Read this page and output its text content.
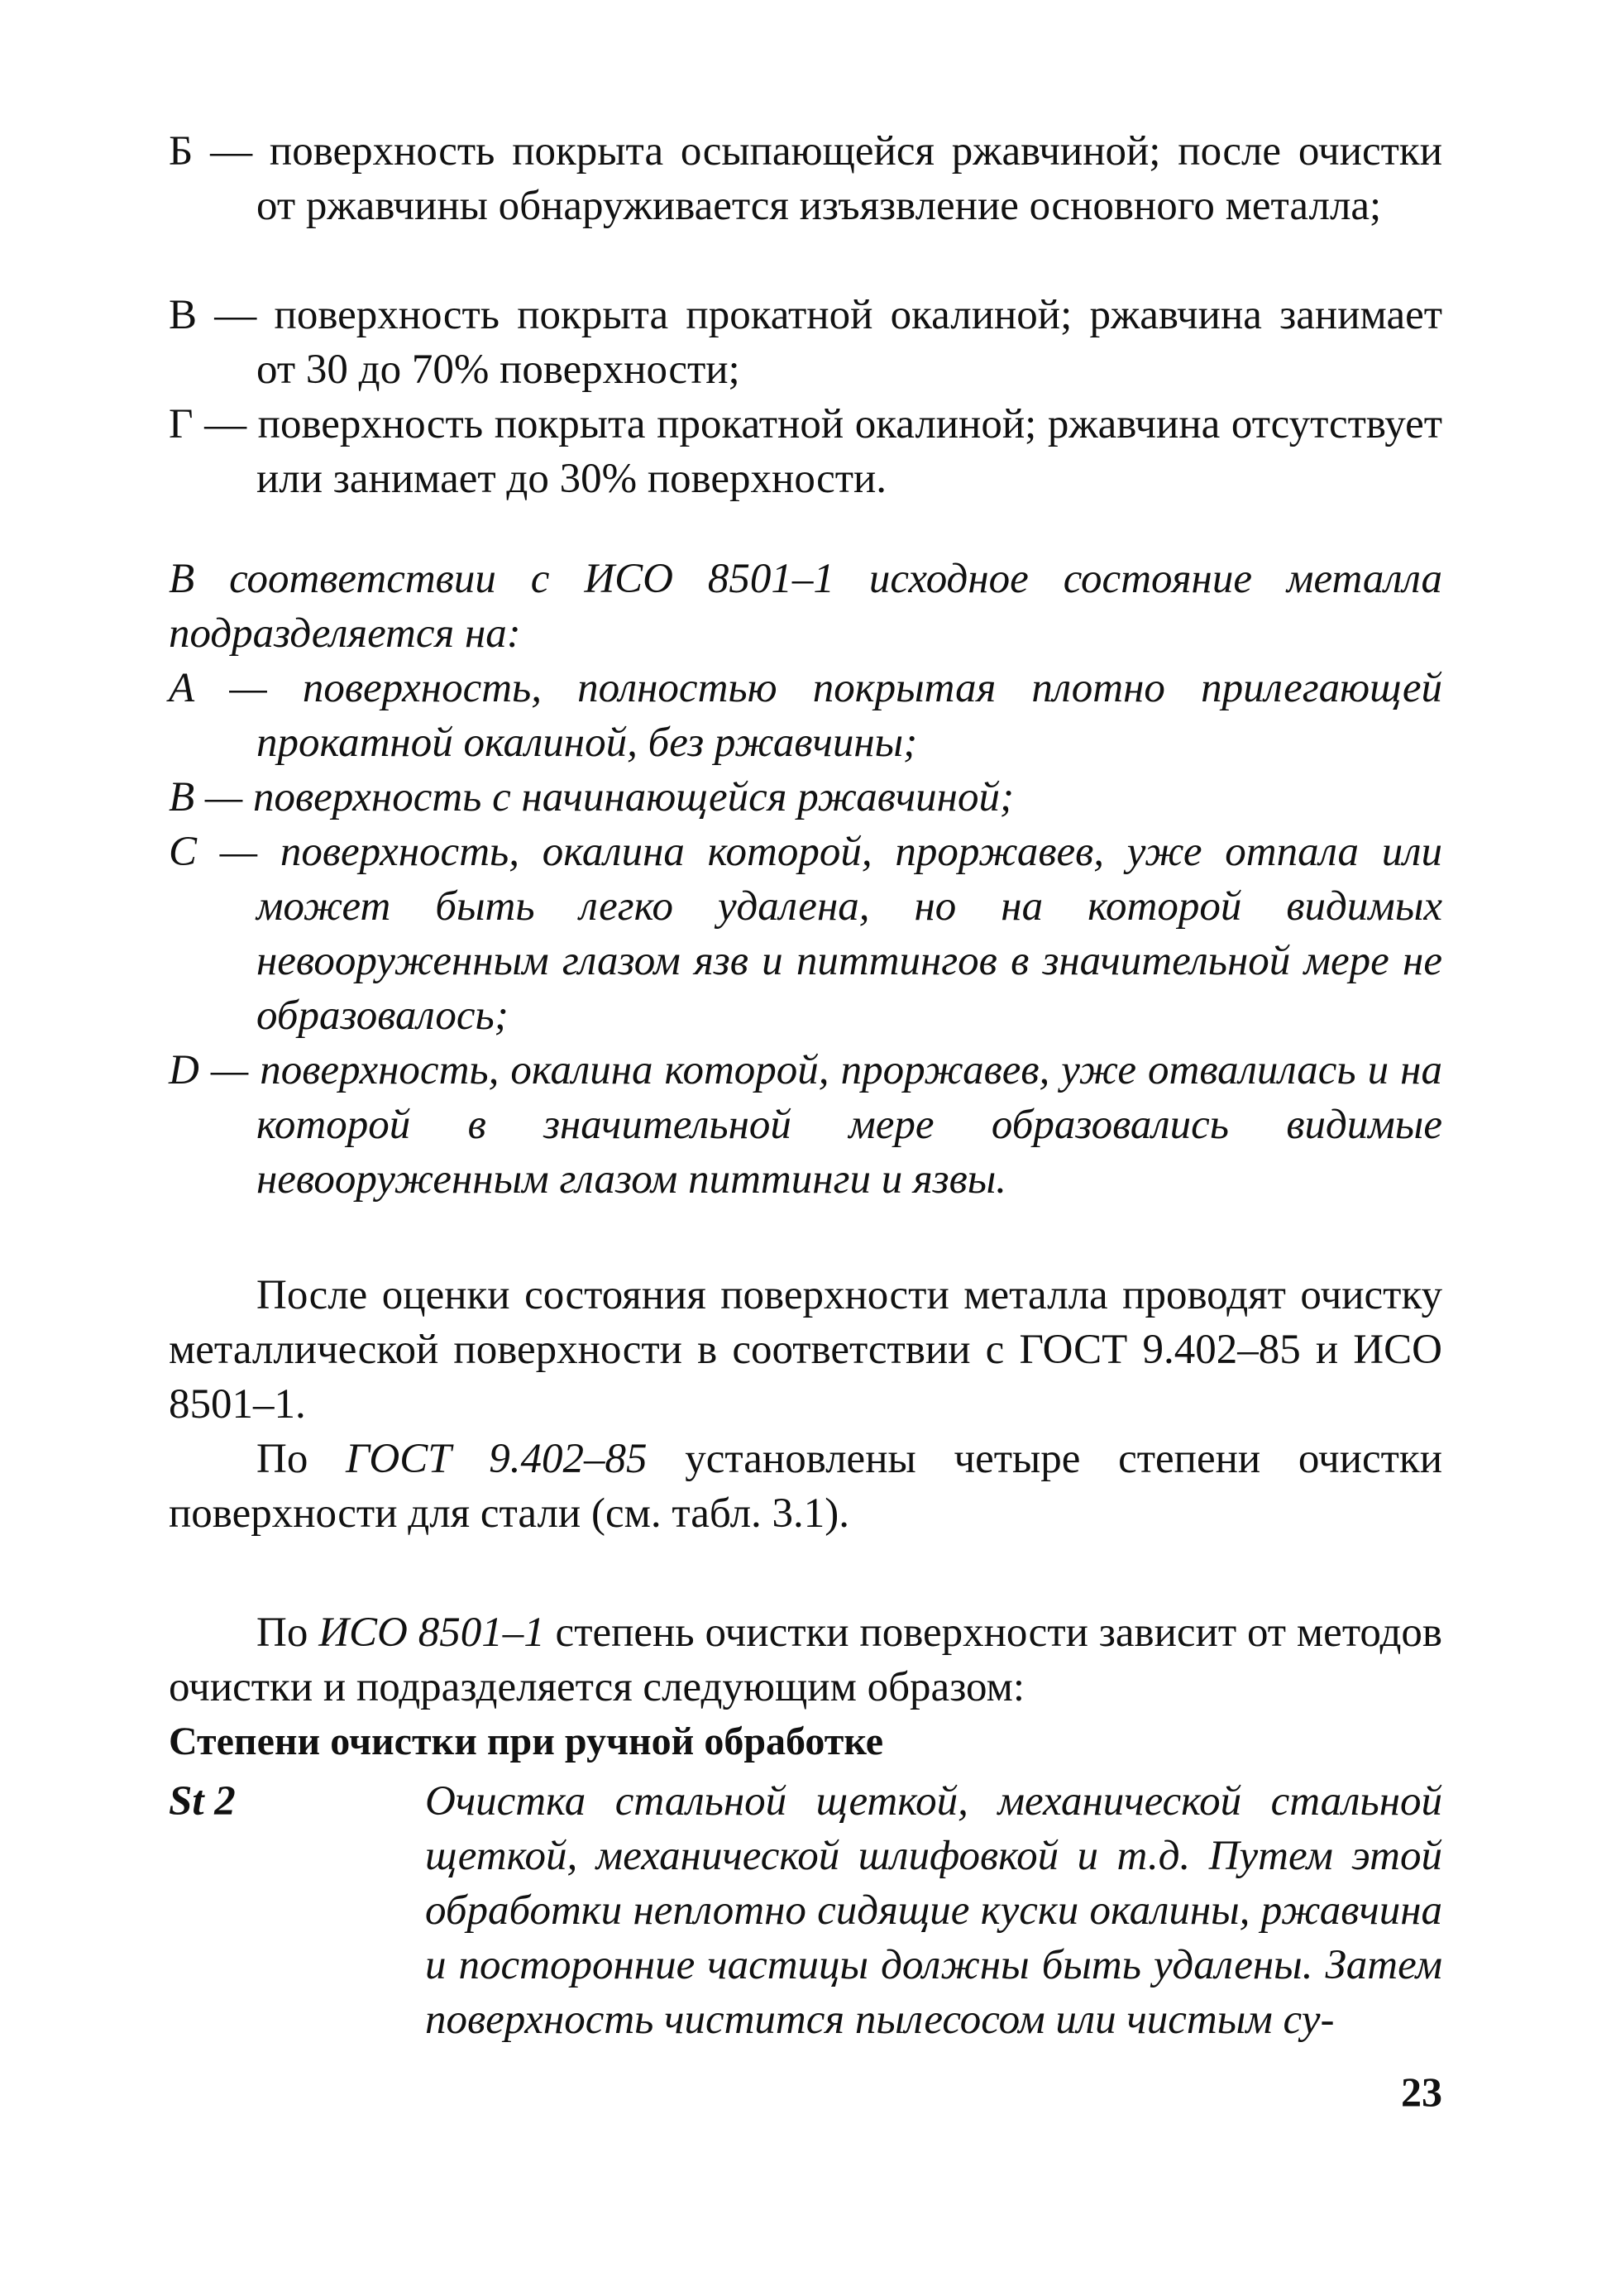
Б — поверхность покрыта осыпающейся ржавчиной; после очистки от ржавчины обнаруживается изъязвление основного металла;

В — поверхность покрыта прокатной окалиной; ржавчина занимает от 30 до 70% поверхности;

Г — поверхность покрыта прокатной окалиной; ржавчина отсутствует или занимает до 30% поверхности.

В соответствии с ИСО 8501–1 исходное состояние металла подразделяется на:

A — поверхность, полностью покрытая плотно прилегающей прокатной окалиной, без ржавчины;

B — поверхность с начинающейся ржавчиной;

C — поверхность, окалина которой, проржавев, уже отпала или может быть легко удалена, но на которой видимых невооруженным глазом язв и питтингов в значительной мере не образовалось;

D — поверхность, окалина которой, проржавев, уже отвалилась и на которой в значительной мере образовались видимые невооруженным глазом питтинги и язвы.

После оценки состояния поверхности металла проводят очистку металлической поверхности в соответствии с ГОСТ 9.402–85 и ИСО 8501–1.

По ГОСТ 9.402–85 установлены четыре степени очистки поверхности для стали (см. табл. 3.1).

По ИСО 8501–1 степень очистки поверхности зависит от методов очистки и подразделяется следующим образом:

Степени очистки при ручной обработке

St 2	Очистка стальной щеткой, механической стальной щеткой, механической шлифовкой и т.д. Путем этой обработки неплотно сидящие куски окалины, ржавчина и посторонние частицы должны быть удалены. Затем поверхность чистится пылесосом или чистым су-
23
